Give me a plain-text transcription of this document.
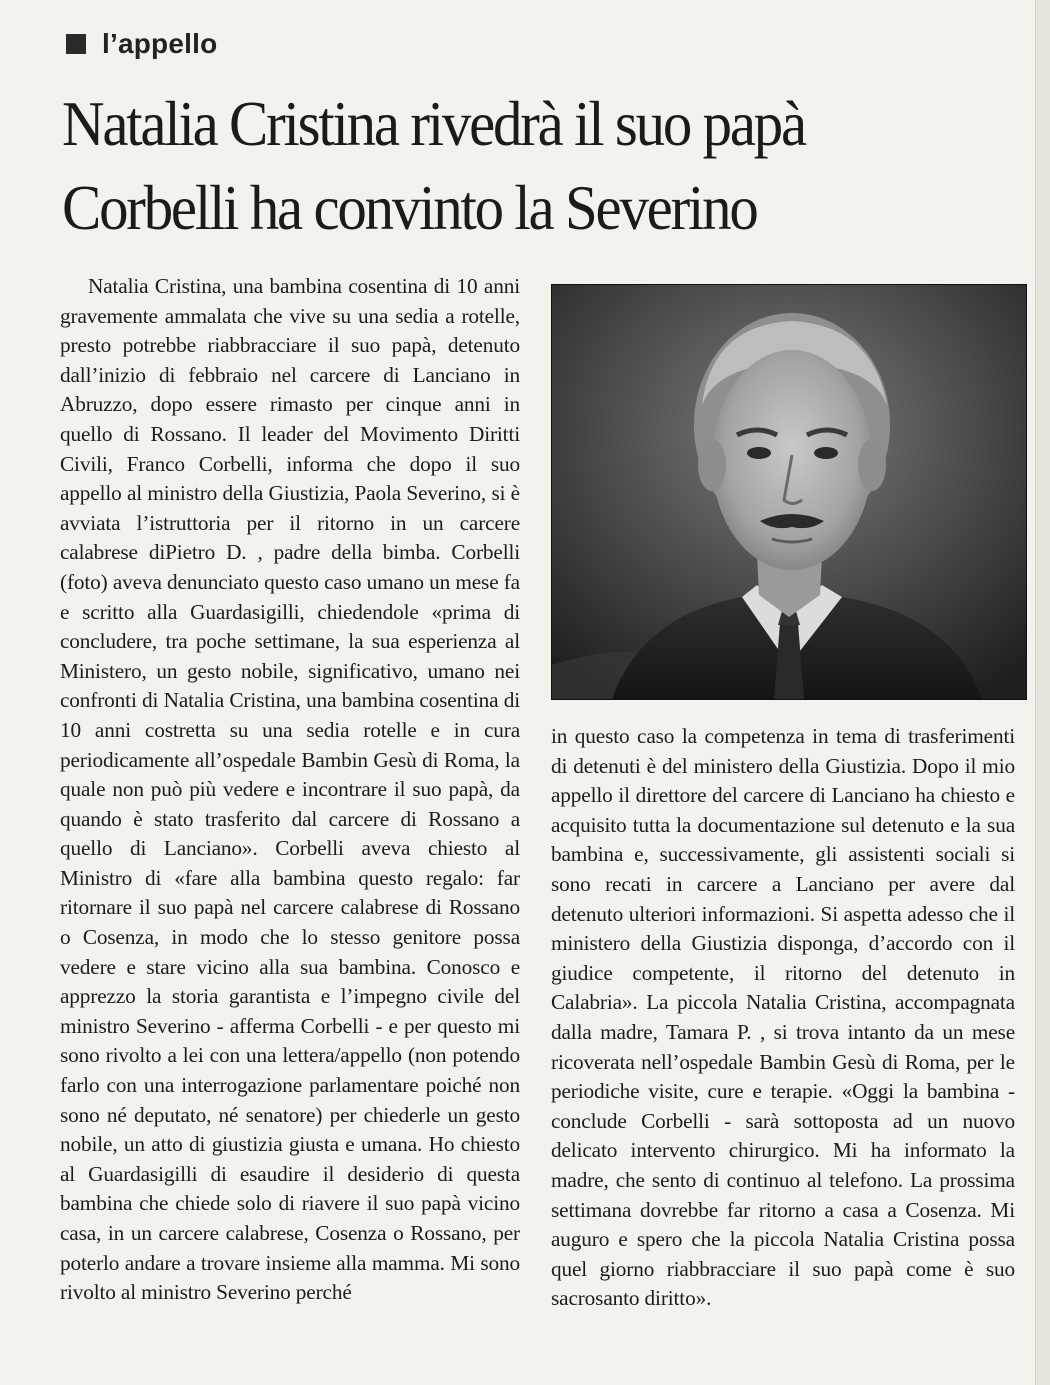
l’appello
Natalia Cristina rivedrà il suo papà
Corbelli ha convinto la Severino

Natalia Cristina, una bambina cosentina di 10 anni gravemente ammalata che vive su una sedia a rotelle, presto potrebbe riabbracciare il suo papà, detenuto dall’inizio di febbraio nel carcere di Lanciano in Abruzzo, dopo essere rimasto per cinque anni in quello di Rossano. Il leader del Movimento Diritti Civili, Franco Corbelli, informa che dopo il suo appello al ministro della Giustizia, Paola Severino, si è avviata l’istruttoria per il ritorno in un carcere calabrese diPietro D. , padre della bimba. Corbelli (foto) aveva denunciato questo caso umano un mese fa e scritto alla Guardasigilli, chiedendole «prima di concludere, tra poche settimane, la sua esperienza al Ministero, un gesto nobile, significativo, umano nei confronti di Natalia Cristina, una bambina cosentina di 10 anni costretta su una sedia rotelle e in cura periodicamente all’ospedale Bambin Gesù di Roma, la quale non può più vedere e incontrare il suo papà, da quando è stato trasferito dal carcere di Rossano a quello di Lanciano». Corbelli aveva chiesto al Ministro di «fare alla bambina questo regalo: far ritornare il suo papà nel carcere calabrese di Rossano o Cosenza, in modo che lo stesso genitore possa vedere e stare vicino alla sua bambina. Conosco e apprezzo la storia garantista e l’impegno civile del ministro Severino - afferma Corbelli - e per questo mi sono rivolto a lei con una lettera/appello (non potendo farlo con una interrogazione parlamentare poiché non sono né deputato, né senatore) per chiederle un gesto nobile, un atto di giustizia giusta e umana. Ho chiesto al Guardasigilli di esaudire il desiderio di questa bambina che chiede solo di riavere il suo papà vicino casa, in un carcere calabrese, Cosenza o Rossano, per poterlo andare a trovare insieme alla mamma. Mi sono rivolto al ministro Severino perché

in questo caso la competenza in tema di trasferimenti di detenuti è del ministero della Giustizia. Dopo il mio appello il direttore del carcere di Lanciano ha chiesto e acquisito tutta la documentazione sul detenuto e la sua bambina e, successivamente, gli assistenti sociali si sono recati in carcere a Lanciano per avere dal detenuto ulteriori informazioni. Si aspetta adesso che il ministero della Giustizia disponga, d’accordo con il giudice competente, il ritorno del detenuto in Calabria». La piccola Natalia Cristina, accompagnata dalla madre, Tamara P. , si trova intanto da un mese ricoverata nell’ospedale Bambin Gesù di Roma, per le periodiche visite, cure e terapie. «Oggi la bambina - conclude Corbelli - sarà sottoposta ad un nuovo delicato intervento chirurgico. Mi ha informato la madre, che sento di continuo al telefono. La prossima settimana dovrebbe far ritorno a casa a Cosenza. Mi auguro e spero che la piccola Natalia Cristina possa quel giorno riabbracciare il suo papà come è suo sacrosanto diritto».
